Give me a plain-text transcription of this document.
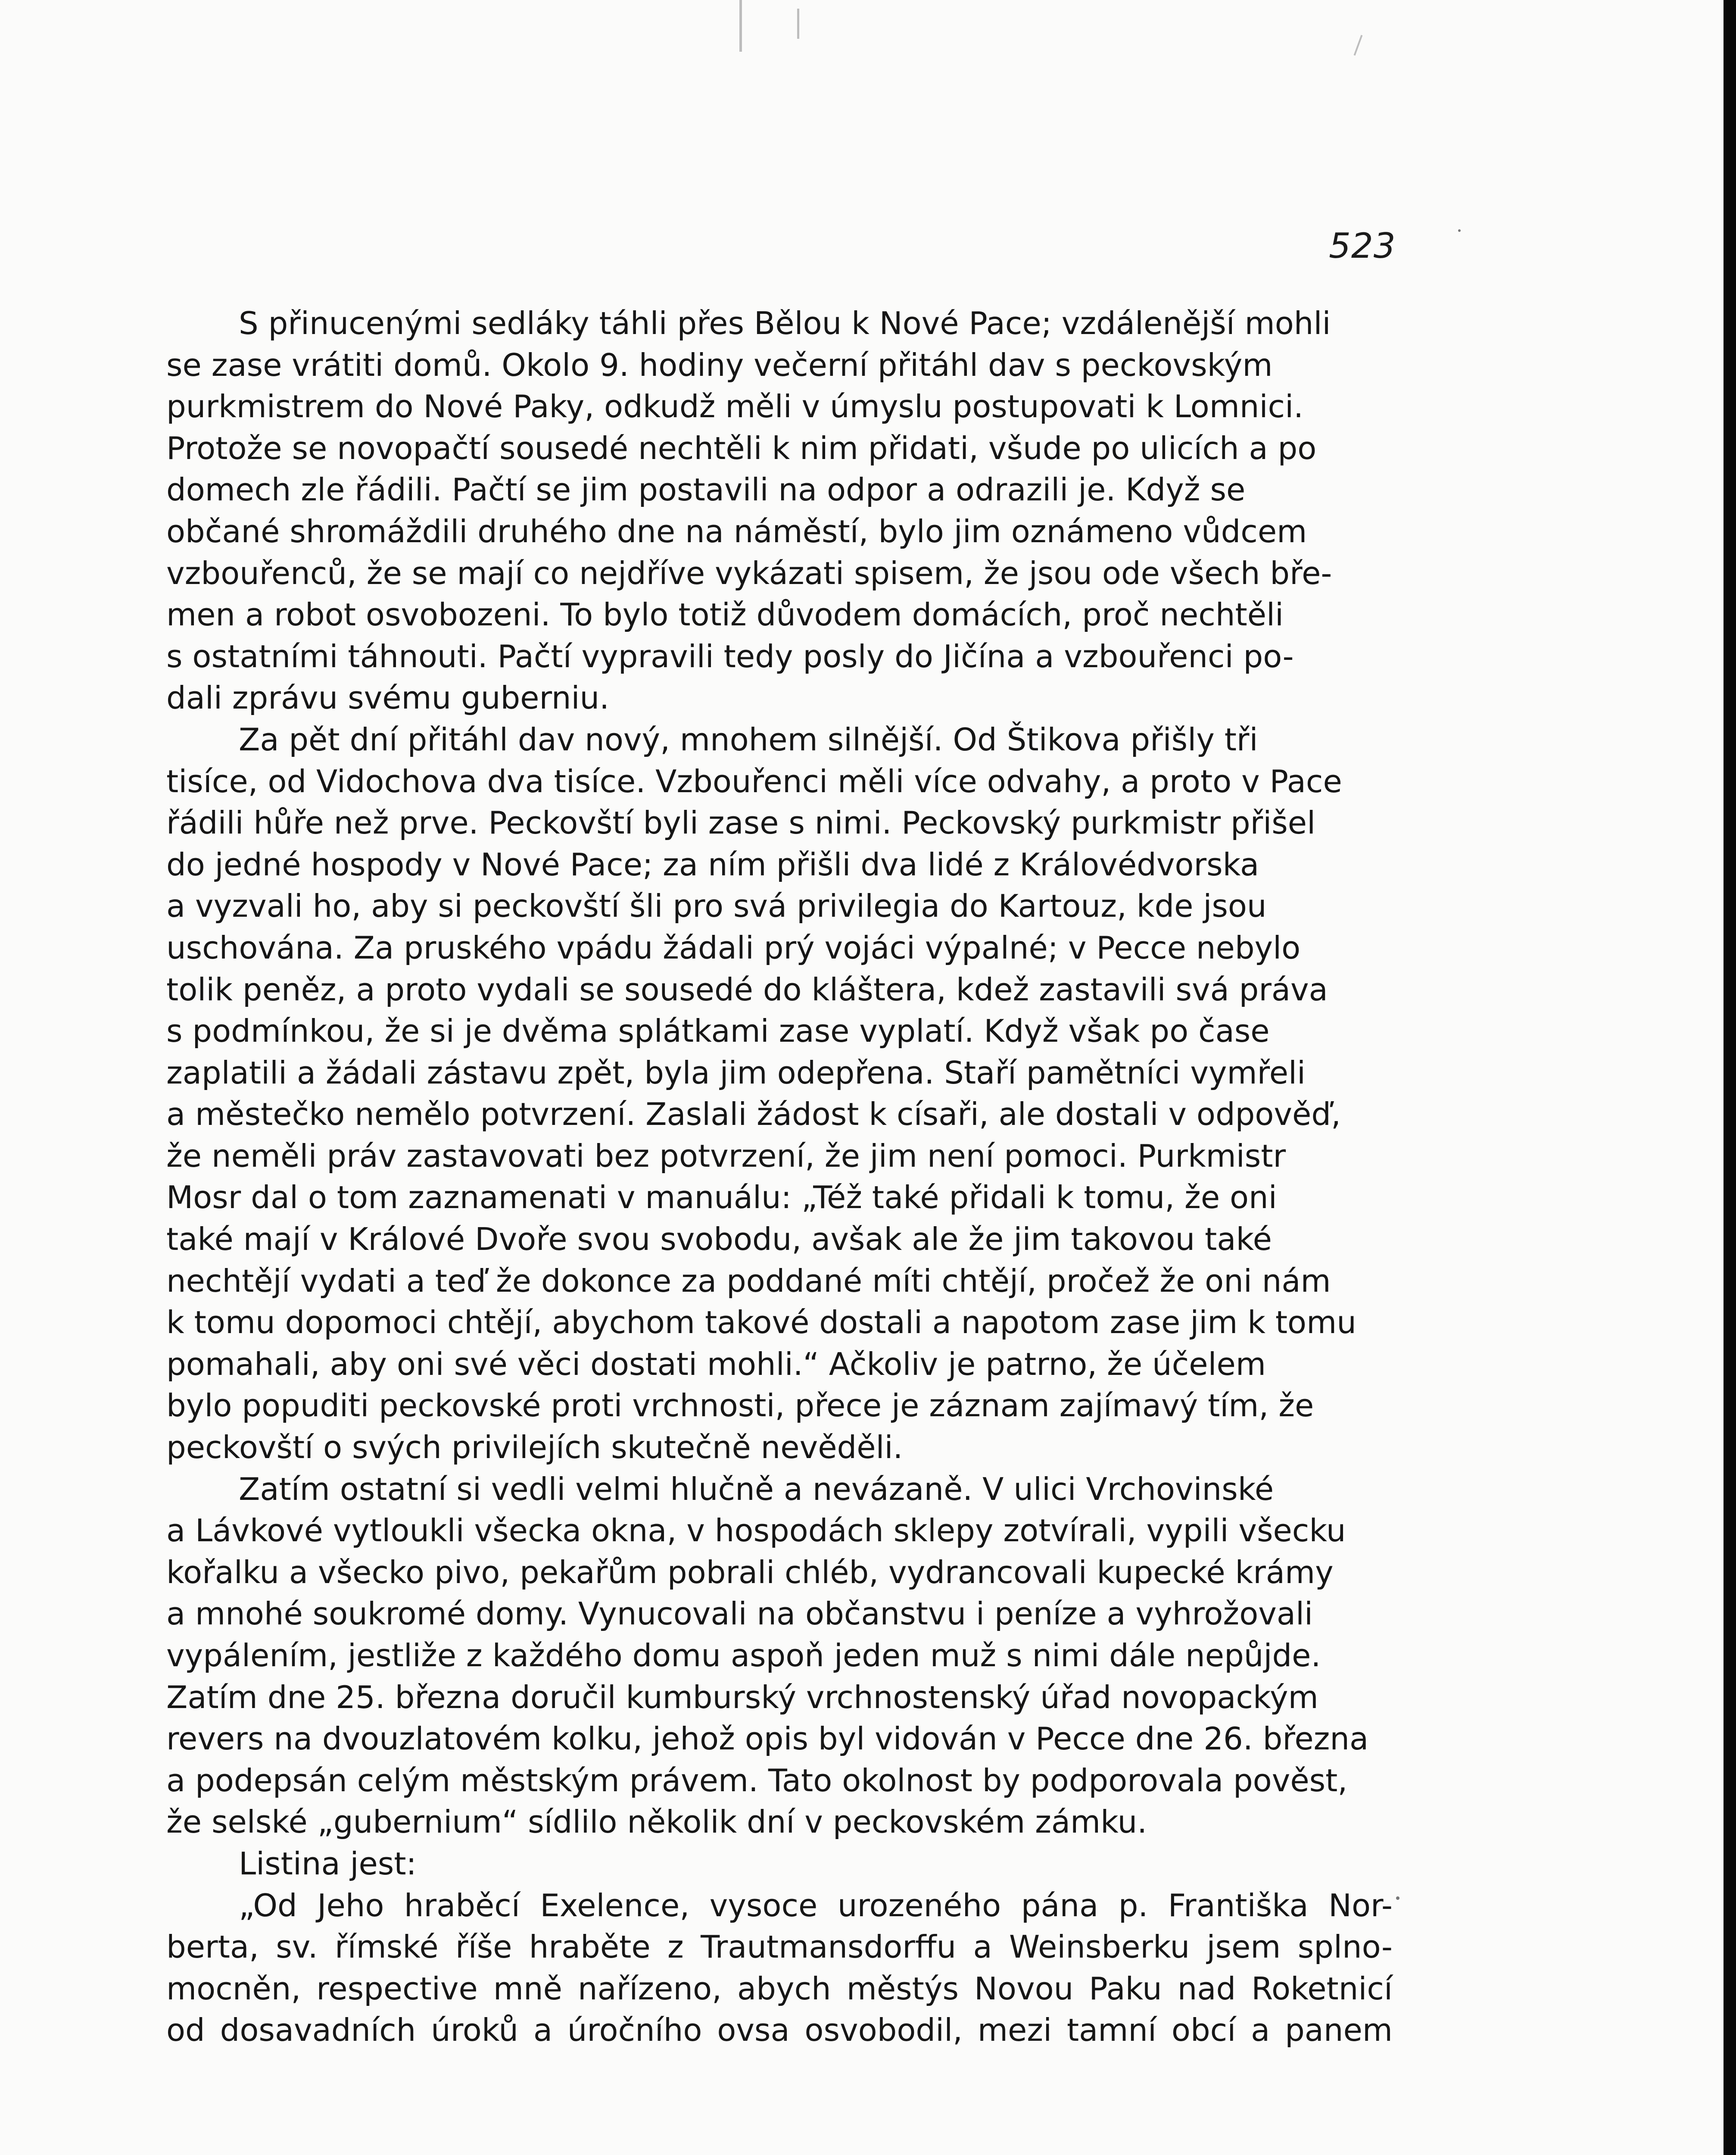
523

S přinucenými sedláky táhli přes Bělou k Nové Pace; vzdálenější mohli
se zase vrátiti domů. Okolo 9. hodiny večerní přitáhl dav s peckovským
purkmistrem do Nové Paky, odkudž měli v úmyslu postupovati k Lomnici.
Protože se novopačtí sousedé nechtěli k nim přidati, všude po ulicích a po
domech zle řádili. Pačtí se jim postavili na odpor a odrazili je. Když se
občané shromáždili druhého dne na náměstí, bylo jim oznámeno vůdcem
vzbouřenců, že se mají co nejdříve vykázati spisem, že jsou ode všech bře-
men a robot osvobozeni. To bylo totiž důvodem domácích, proč nechtěli
s ostatními táhnouti. Pačtí vypravili tedy posly do Jičína a vzbouřenci po-
dali zprávu svému guberniu.

Za pět dní přitáhl dav nový, mnohem silnější. Od Štikova přišly tři
tisíce, od Vidochova dva tisíce. Vzbouřenci měli více odvahy, a proto v Pace
řádili hůře než prve. Peckovští byli zase s nimi. Peckovský purkmistr přišel
do jedné hospody v Nové Pace; za ním přišli dva lidé z Královédvorska
a vyzvali ho, aby si peckovští šli pro svá privilegia do Kartouz, kde jsou
uschována. Za pruského vpádu žádali prý vojáci výpalné; v Pecce nebylo
tolik peněz, a proto vydali se sousedé do kláštera, kdež zastavili svá práva
s podmínkou, že si je dvěma splátkami zase vyplatí. Když však po čase
zaplatili a žádali zástavu zpět, byla jim odepřena. Staří pamětníci vymřeli
a městečko nemělo potvrzení. Zaslali žádost k císaři, ale dostali v odpověď,
že neměli práv zastavovati bez potvrzení, že jim není pomoci. Purkmistr
Mosr dal o tom zaznamenati v manuálu: „Též také přidali k tomu, že oni
také mají v Králové Dvoře svou svobodu, avšak ale že jim takovou také
nechtějí vydati a teď že dokonce za poddané míti chtějí, pročež že oni nám
k tomu dopomoci chtějí, abychom takové dostali a napotom zase jim k tomu
pomahali, aby oni své věci dostati mohli.“ Ačkoliv je patrno, že účelem
bylo popuditi peckovské proti vrchnosti, přece je záznam zajímavý tím, že
peckovští o svých privilejích skutečně nevěděli.

Zatím ostatní si vedli velmi hlučně a nevázaně. V ulici Vrchovinské
a Lávkové vytloukli všecka okna, v hospodách sklepy zotvírali, vypili všecku
kořalku a všecko pivo, pekařům pobrali chléb, vydrancovali kupecké krámy
a mnohé soukromé domy. Vynucovali na občanstvu i peníze a vyhrožovali
vypálením, jestliže z každého domu aspoň jeden muž s nimi dále nepůjde.
Zatím dne 25. března doručil kumburský vrchnostenský úřad novopackým
revers na dvouzlatovém kolku, jehož opis byl vidován v Pecce dne 26. března
a podepsán celým městským právem. Tato okolnost by podporovala pověst,
že selské „gubernium“ sídlilo několik dní v peckovském zámku.

Listina jest:

„Od Jeho hraběcí Exelence, vysoce urozeného pána p. Františka Nor-
berta, sv. římské říše hraběte z Trautmansdorffu a Weinsberku jsem splno-
mocněn, respective mně nařízeno, abych městýs Novou Paku nad Roketnicí
od dosavadních úroků a úročního ovsa osvobodil, mezi tamní obcí a panem
